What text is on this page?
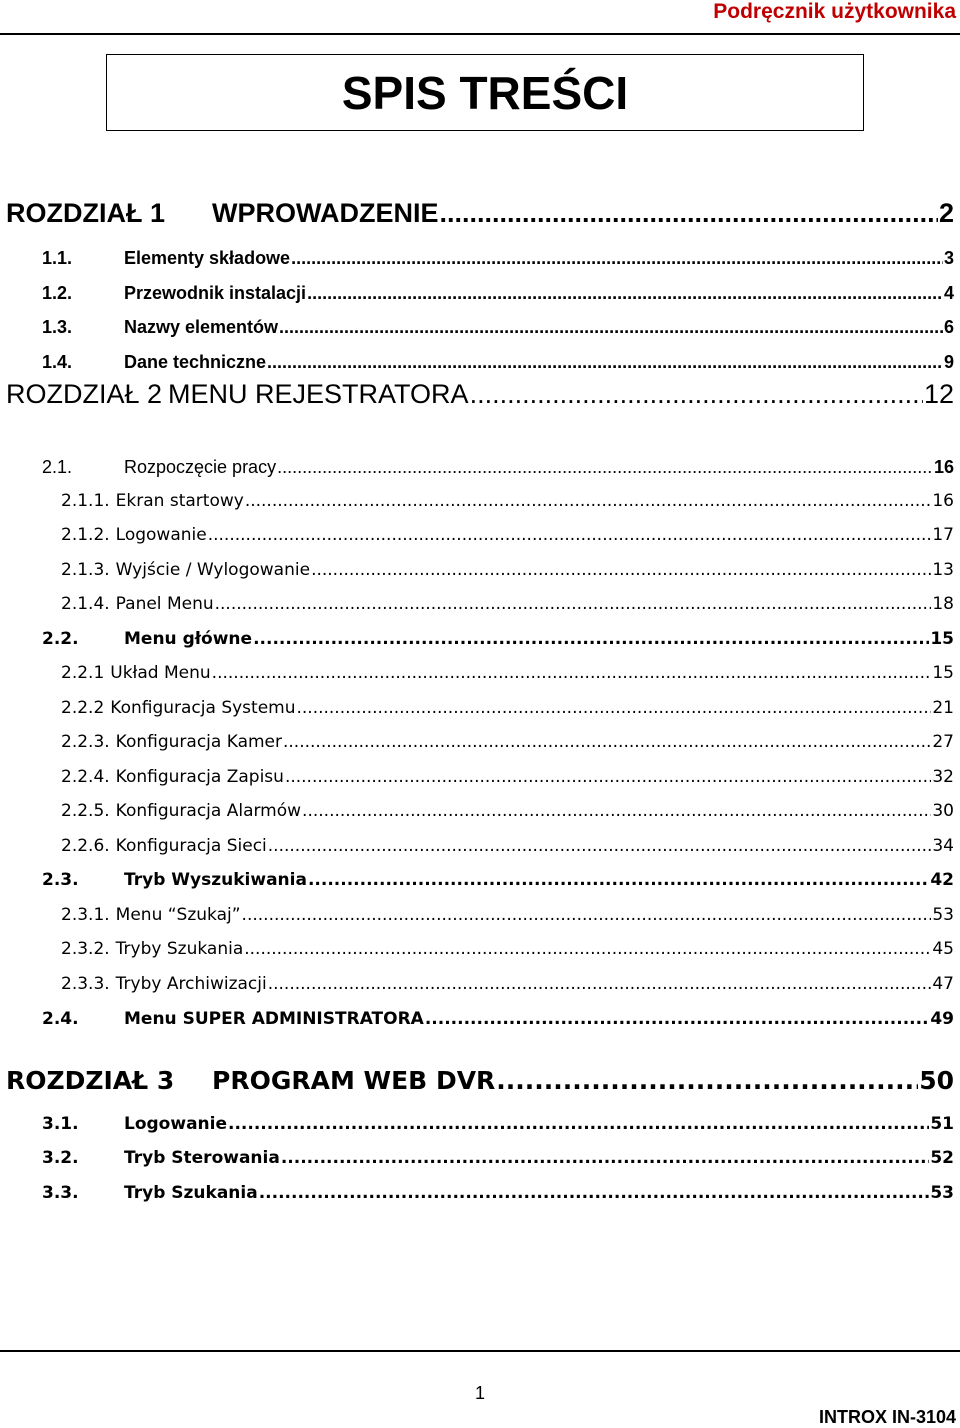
Podręcznik użytkownika
SPIS TREŚCI
ROZDZIAŁ 1	WPROWADZENIE .....	2
1.1.	Elementy składowe .....	3
1.2.	Przewodnik instalacji .....	4
1.3.	Nazwy elementów .....	6
1.4.	Dane techniczne .....	9
ROZDZIAŁ 2 MENU REJESTRATORA .....	12
2.1.	Rozpoczęcie pracy .....	16
2.1.1. Ekran startowy .....	16
2.1.2. Logowanie .....	17
2.1.3. Wyjście / Wylogowanie .....	13
2.1.4. Panel Menu .....	18
2.2.	Menu główne .....	15
2.2.1 Układ Menu .....	15
2.2.2 Konfiguracja Systemu .....	21
2.2.3. Konfiguracja Kamer .....	27
2.2.4. Konfiguracja Zapisu .....	32
2.2.5. Konfiguracja Alarmów .....	30
2.2.6. Konfiguracja Sieci .....	34
2.3.	Tryb Wyszukiwania .....	42
2.3.1. Menu “Szukaj” .....	53
2.3.2. Tryby Szukania .....	45
2.3.3. Tryby Archiwizacji .....	47
2.4.	Menu SUPER ADMINISTRATORA .....	49
ROZDZIAŁ 3	PROGRAM WEB DVR .....	50
3.1.	Logowanie .....	51
3.2.	Tryb Sterowania .....	52
3.3.	Tryb Szukania .....	53
1
INTROX IN-3104
